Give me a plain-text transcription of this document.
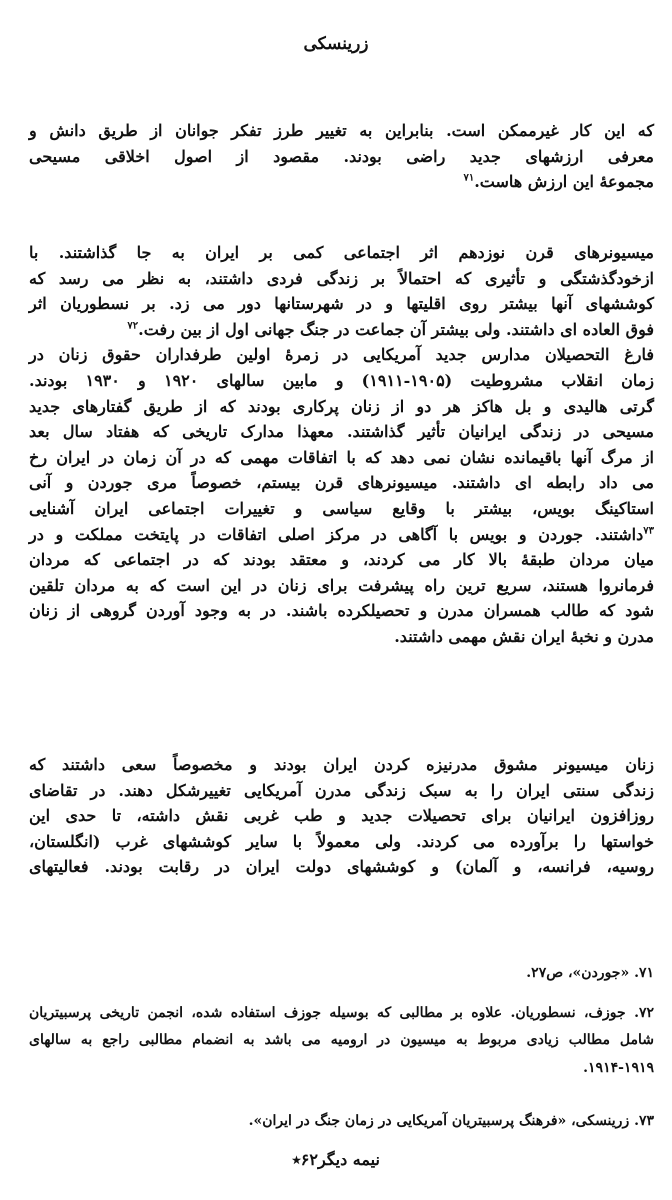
زرینسکی
که این کار غیرممکن است. بنابراین به تغییر طرز تفکر جوانان از طریق دانش و
معرفی ارزشهای جدید راضی بودند. مقصود از اصول اخلاقی مسیحی
مجموعهٔ این ارزش هاست.$^{۷۱}$
میسیونرهای قرن نوزدهم اثر اجتماعی کمی بر ایران به جا گذاشتند. با
ازخودگذشتگی و تأثیری که احتمالاً بر زندگی فردی داشتند، به نظر می رسد که
کوششهای آنها بیشتر روی اقلیتها و در شهرستانها دور می زد. بر نسطوریان اثر
فوق العاده ای داشتند. ولی بیشتر آن جماعت در جنگ جهانی اول از بین رفت.$^{۷۲}$
فارغ التحصیلان مدارس جدید آمریکایی در زمرهٔ اولین طرفداران حقوق زنان در
زمان انقلاب مشروطیت (۱۹۰۵-۱۹۱۱) و مابین سالهای ۱۹۲۰ و ۱۹۳۰ بودند.
گرتی هالیدی و بل هاکز هر دو از زنان پرکاری بودند که از طریق گفتارهای جدید
مسیحی در زندگی ایرانیان تأثیر گذاشتند. معهذا مدارک تاریخی که هفتاد سال بعد
از مرگ آنها باقیمانده نشان نمی دهد که با اتفاقات مهمی که در آن زمان در ایران رخ
می داد رابطه ای داشتند. میسیونرهای قرن بیستم، خصوصاً مری جوردن و آنی
استاکینگ بویس، بیشتر با وقایع سیاسی و تغییرات اجتماعی ایران آشنایی
$^{۷۳}$داشتند. جوردن و بویس با آگاهی در مرکز اصلی اتفاقات در پایتخت مملکت و در
میان مردان طبقهٔ بالا کار می کردند، و معتقد بودند که در اجتماعی که مردان
فرمانروا هستند، سریع ترین راه پیشرفت برای زنان در این است که به مردان تلقین
شود که طالب همسران مدرن و تحصیلکرده باشند. در به وجود آوردن گروهی از زنان
مدرن و نخبهٔ ایران نقش مهمی داشتند.
زنان میسیونر مشوق مدرنیزه کردن ایران بودند و مخصوصاً سعی داشتند که
زندگی سنتی ایران را به سبک زندگی مدرن آمریکایی تغییرشکل دهند. در تقاضای
روزافزون ایرانیان برای تحصیلات جدید و طب غربی نقش داشته، تا حدی این
خواستها را برآورده می کردند. ولی معمولاً با سایر کوششهای غرب (انگلستان،
روسیه، فرانسه، و آلمان) و کوششهای دولت ایران در رقابت بودند. فعالیتهای
۷۱. «جوردن»، ص۲۷.
۷۲. جوزف، نسطوریان. علاوه بر مطالبی که بوسیله جوزف استفاده شده، انجمن تاریخی پرسبیتریان
شامل مطالب زیادی مربوط به میسیون در ارومیه می باشد به انضمام مطالبی راجع به سالهای
۱۹۱۴-۱۹۱۹.
۷۳. زرینسکی، «فرهنگ پرسبیتریان آمریکایی در زمان جنگ در ایران».
نیمه دیگر۶۲٭
